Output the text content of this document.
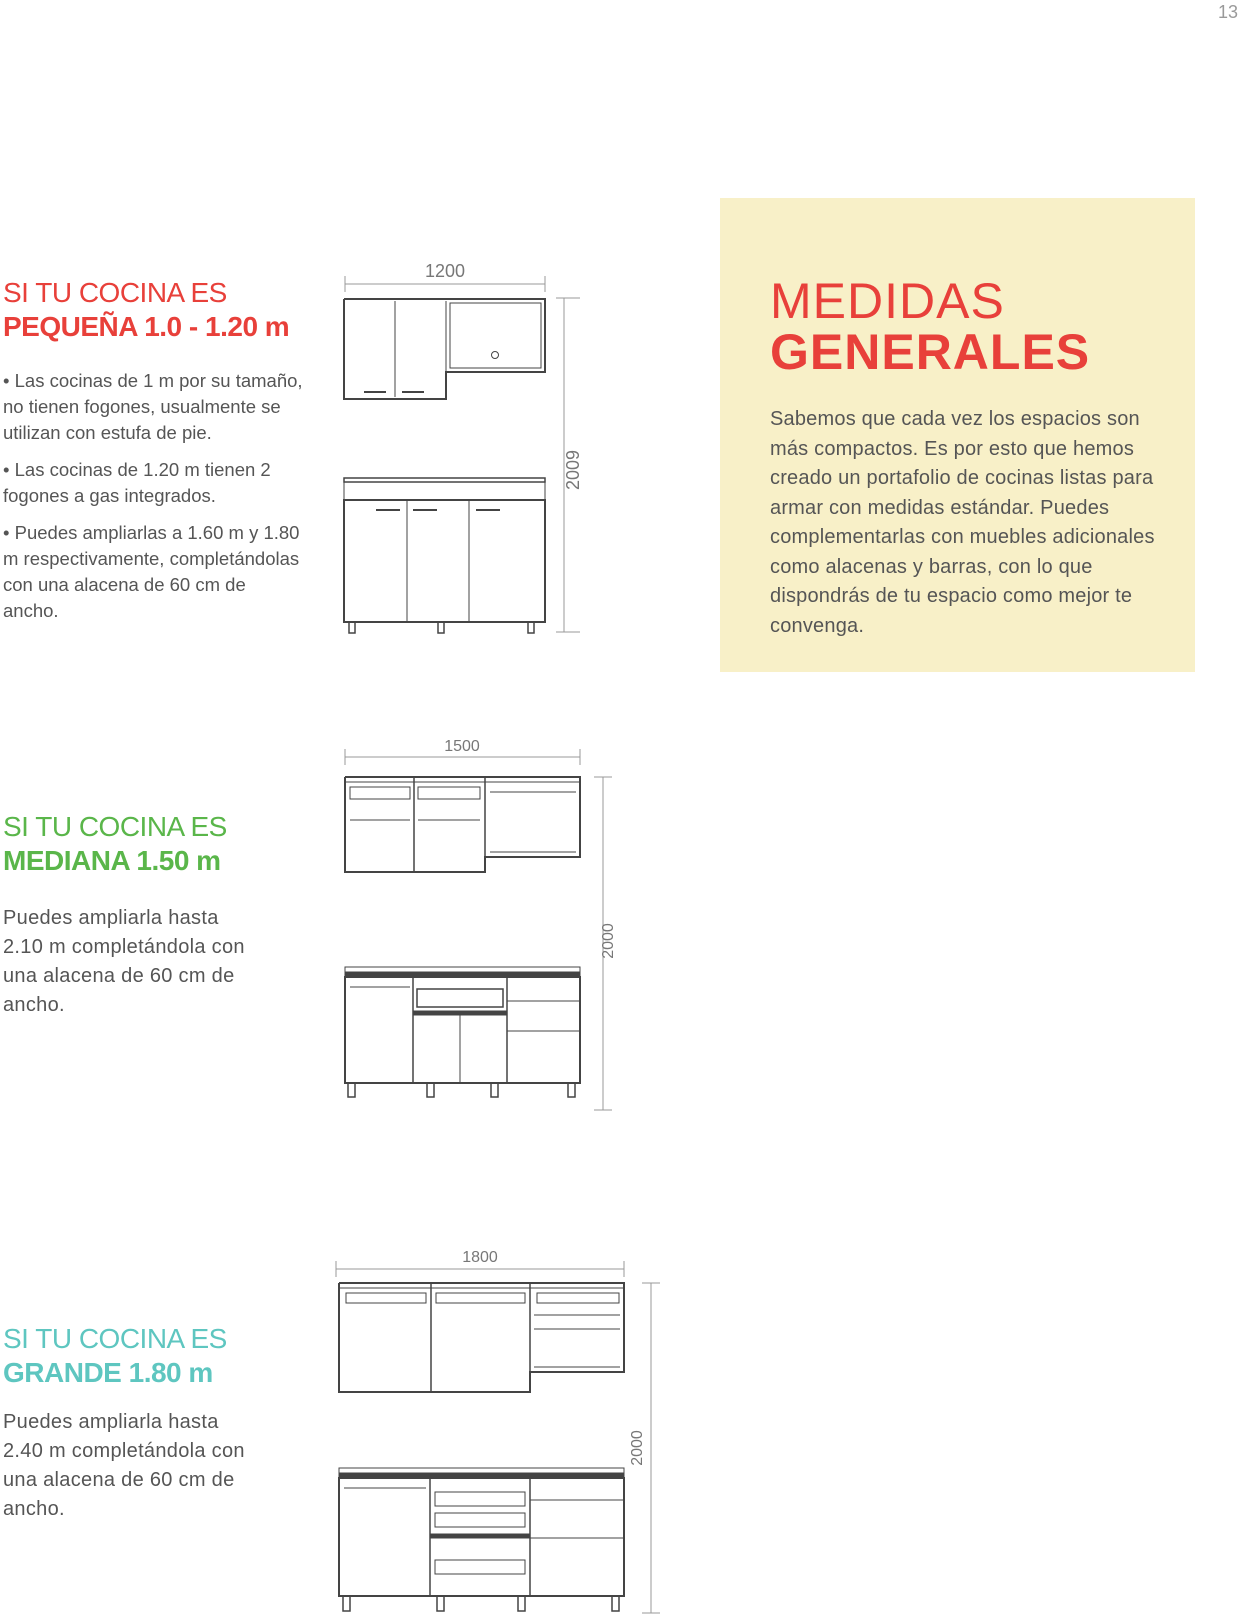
13
SI TU COCINA ES
PEQUEÑA 1.0 - 1.20 m

• Las cocinas de 1 m por su tamaño, no tienen fogones, usualmente se utilizan con estufa de pie.

• Las cocinas de 1.20 m tienen 2 fogones a gas integrados.

• Puedes ampliarlas a 1.60 m y 1.80 m respectivamente, completándolas con una alacena de 60 cm de ancho.

1200
2009
MEDIDAS
GENERALES
Sabemos que cada vez los espacios son más compactos. Es por esto que hemos creado un portafolio de cocinas listas para armar con medidas estándar. Puedes complementarlas con muebles adicionales como alacenas y barras, con lo que dispondrás de tu espacio como mejor te convenga.
SI TU COCINA ES
MEDIANA 1.50 m
Puedes ampliarla hasta 2.10 m completándola con una alacena de 60 cm de ancho.
1500
2000
SI TU COCINA ES
GRANDE 1.80 m
Puedes ampliarla hasta 2.40 m completándola con una alacena de 60 cm de ancho.
1800
2000
